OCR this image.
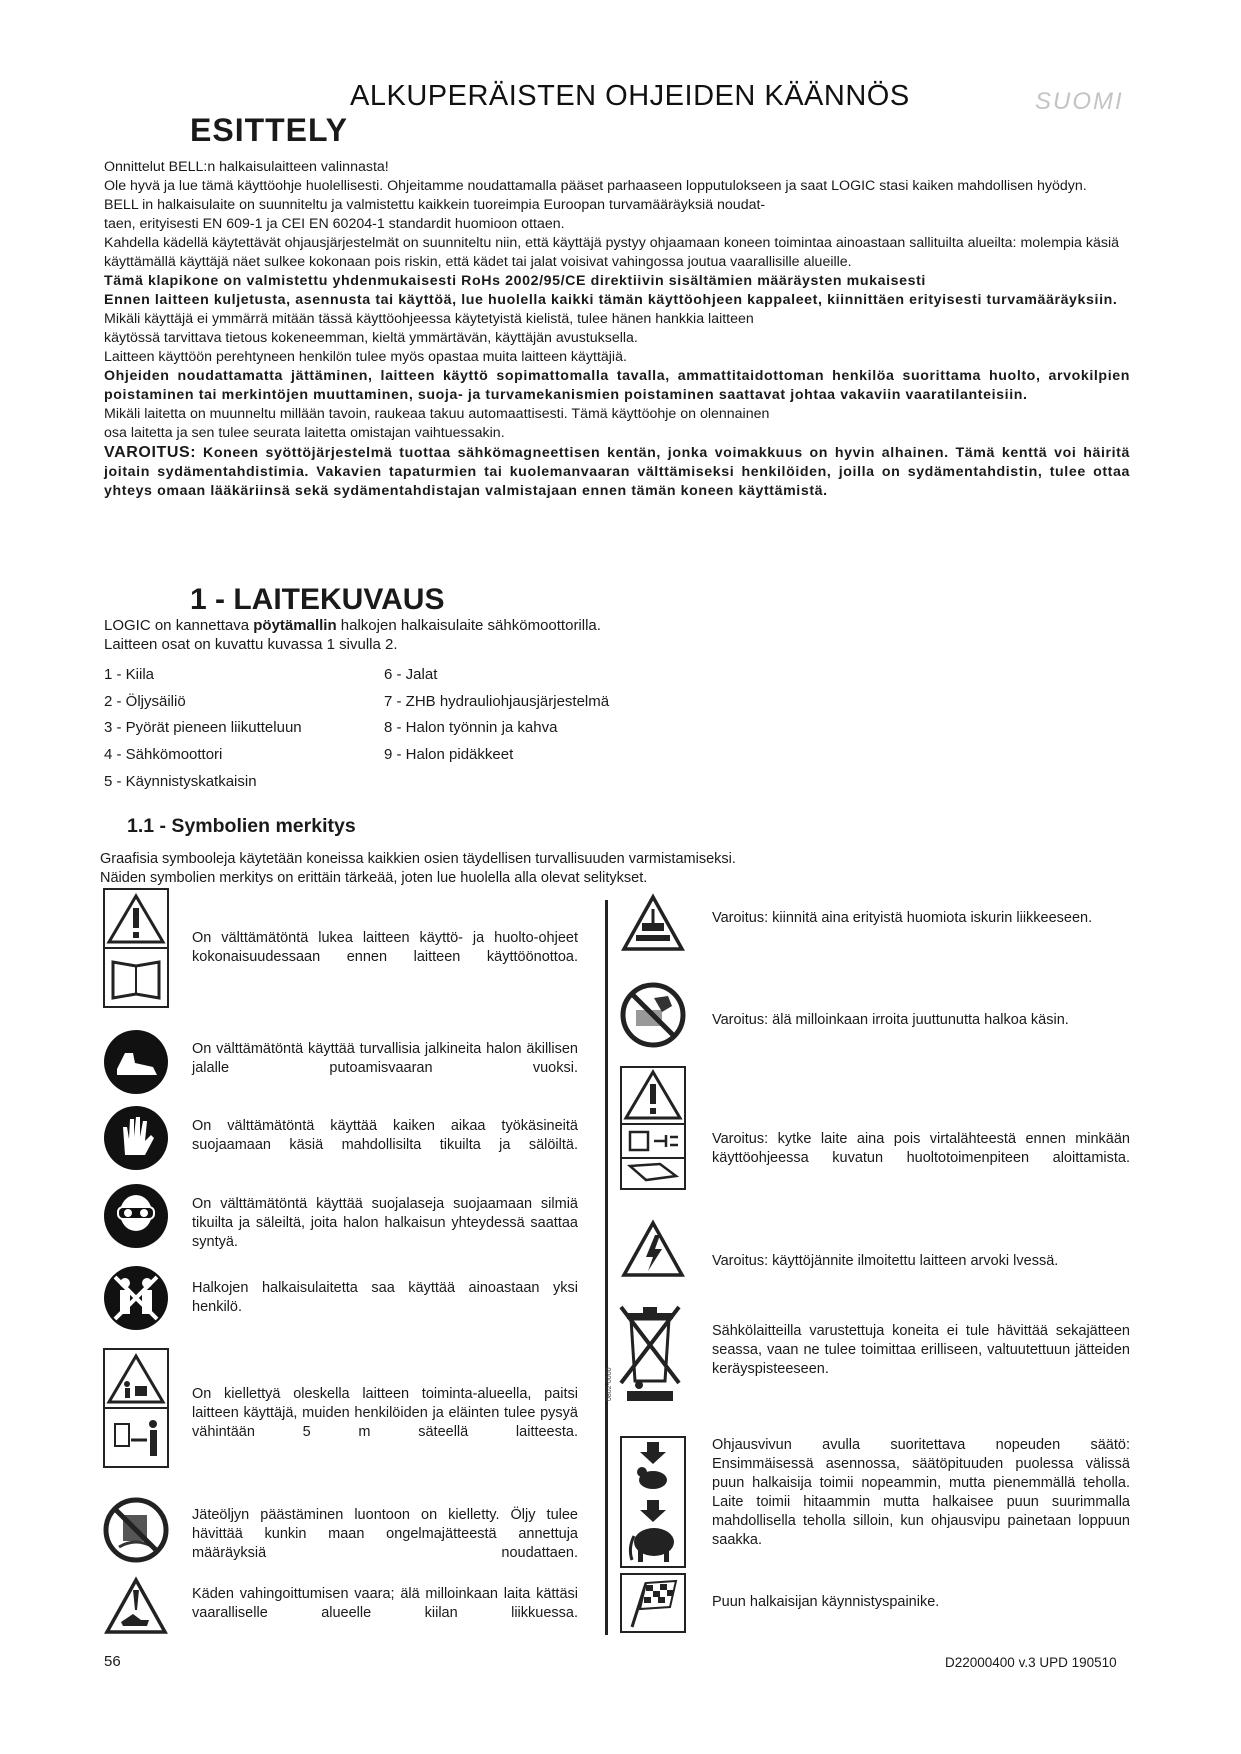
ALKUPERÄISTEN OHJEIDEN KÄÄNNÖS	SUOMI
ESITTELY

Onnittelut BELL:n halkaisulaitteen valinnasta!

Ole hyvä ja lue tämä käyttöohje huolellisesti. Ohjeitamme noudattamalla pääset parhaaseen lopputulokseen ja saat LOGIC stasi kaiken mahdollisen hyödyn.

BELL in halkaisulaite on suunniteltu ja valmistettu kaikkein tuoreimpia Euroopan turvamääräyksiä noudat-

taen, erityisesti EN 609-1 ja CEI EN 60204-1 standardit huomioon ottaen.

Kahdella kädellä käytettävät ohjausjärjestelmät on suunniteltu niin, että käyttäjä pystyy ohjaamaan koneen toimintaa ainoastaan sallituilta alueilta: molempia käsiä käyttämällä käyttäjä näet sulkee kokonaan pois riskin, että kädet tai jalat voisivat vahingossa joutua vaarallisille alueille.

Tämä klapikone on valmistettu yhdenmukaisesti RoHs 2002/95/CE direktiivin sisältämien määräysten mukaisesti

Ennen laitteen kuljetusta, asennusta tai käyttöä, lue huolella kaikki tämän käyttöohjeen kappaleet, kiinnittäen erityisesti turvamääräyksiin.

Mikäli käyttäjä ei ymmärrä mitään tässä käyttöohjeessa käytetyistä kielistä, tulee hänen hankkia laitteen

käytössä tarvittava tietous kokeneemman, kieltä ymmärtävän, käyttäjän avustuksella.

Laitteen käyttöön perehtyneen henkilön tulee myös opastaa muita laitteen käyttäjiä.

Ohjeiden noudattamatta jättäminen, laitteen käyttö sopimattomalla tavalla, ammattitaidottoman henkilöa suorittama huolto, arvokilpien poistaminen tai merkintöjen muuttaminen, suoja- ja turvamekanismien poistaminen saattavat johtaa vakaviin vaaratilanteisiin.

Mikäli laitetta on muunneltu millään tavoin, raukeaa takuu automaattisesti. Tämä käyttöohje on olennainen

osa laitetta ja sen tulee seurata laitetta omistajan vaihtuessakin.

VAROITUS: Koneen syöttöjärjestelmä tuottaa sähkömagneettisen kentän, jonka voimakkuus on hyvin alhainen. Tämä kenttä voi häiritä joitain sydämentahdistimia. Vakavien tapaturmien tai kuolemanvaaran välttämiseksi henkilöiden, joilla on sydämentahdistin, tulee ottaa yhteys omaan lääkäriinsä sekä sydämentahdistajan valmistajaan ennen tämän koneen käyttämistä.

1 - LAITEKUVAUS

LOGIC on kannettava pöytämallin halkojen halkaisulaite sähkömoottorilla.

Laitteen osat on kuvattu kuvassa 1 sivulla 2.

1 - Kiila
2 - Öljysäiliö
3 - Pyörät pieneen liikutteluun
4 - Sähkömoottori
5 - Käynnistyskatkaisin
6 - Jalat
7 - ZHB hydrauliohjausjärjestelmä
8 - Halon työnnin ja kahva
9 - Halon pidäkkeet
1.1 - Symbolien merkitys

Graafisia symbooleja käytetään koneissa kaikkien osien täydellisen turvallisuuden varmistamiseksi.

Näiden symbolien merkitys on erittäin tärkeää, joten lue huolella alla olevat selitykset.

On välttämätöntä lukea laitteen käyttö- ja huolto-ohjeet kokonaisuudessaan ennen laitteen käyttöönottoa.
On välttämätöntä käyttää turvallisia jalkineita halon äkillisen jalalle putoamisvaaran vuoksi.
On välttämätöntä käyttää kaiken aikaa työkäsineitä suojaamaan käsiä mahdollisilta tikuilta ja sälöiltä.
On välttämätöntä käyttää suojalaseja suojaamaan silmiä tikuilta ja säleiltä, joita halon halkaisun yhteydessä saattaa syntyä.
Halkojen halkaisulaitetta saa käyttää ainoastaan yksi henkilö.
On kiellettyä oleskella laitteen toiminta-alueella, paitsi laitteen käyttäjä, muiden henkilöiden ja eläinten tulee pysyä vähintään 5 m säteellä laitteesta.
Jäteöljyn päästäminen luontoon on kielletty. Öljy tulee hävittää kunkin maan ongelmajätteestä annettuja määräyksiä noudattaen.
Käden vahingoittumisen vaara; älä milloinkaan laita kättäsi vaaralliselle alueelle kiilan liikkuessa.
0802-0000
Varoitus: kiinnitä aina erityistä huomiota iskurin liikkeeseen.
Varoitus: älä milloinkaan irroita juuttunutta halkoa käsin.
Varoitus: kytke laite aina pois virtalähteestä ennen minkään käyttöohjeessa kuvatun huoltotoimenpiteen aloittamista.
Varoitus: käyttöjännite ilmoitettu laitteen arvoki lvessä.
Sähkölaitteilla varustettuja koneita ei tule hävittää sekajätteen seassa, vaan ne tulee toimittaa erilliseen, valtuutettuun jätteiden keräyspisteeseen.
Ohjausvivun avulla suoritettava nopeuden säätö: Ensimmäisessä asennossa, säätöpituuden puolessa välissä puun halkaisija toimii nopeammin, mutta pienemmällä teholla. Laite toimii hitaammin mutta halkaisee puun suurimmalla mahdollisella teholla silloin, kun ohjausvipu painetaan loppuun saakka.
Puun halkaisijan käynnistyspainike.
56	D22000400 v.3 UPD 190510
